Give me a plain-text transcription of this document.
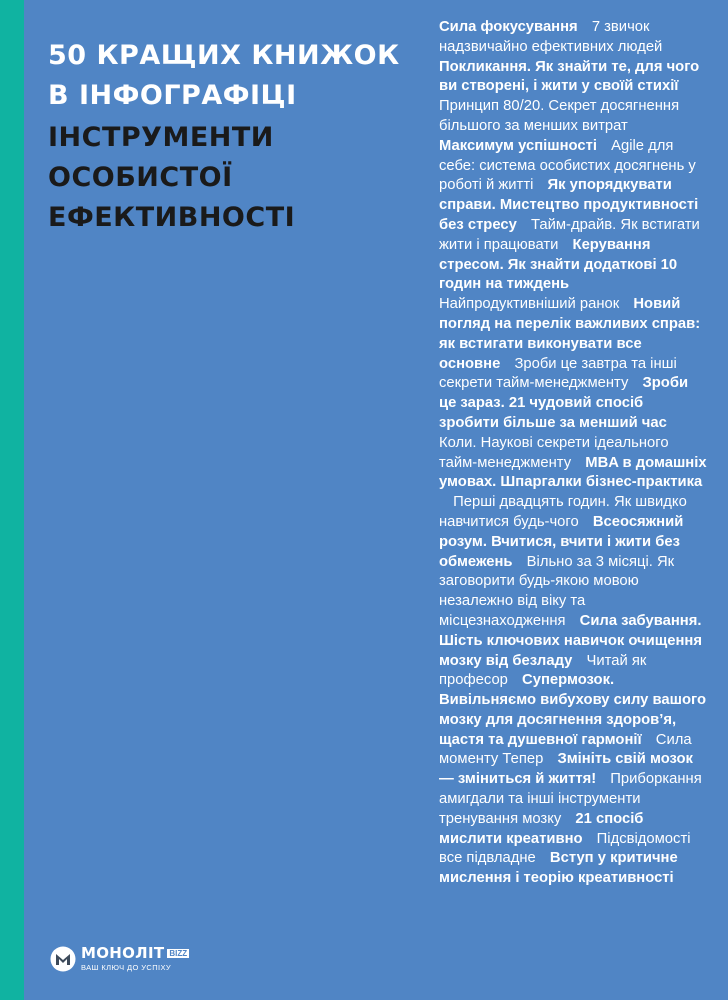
50 КРАЩИХ КНИЖОК
В ІНФОГРАФІЦІ
ІНСТРУМЕНТИ
ОСОБИСТОЇ
ЕФЕКТИВНОСТІ
Сила фокусування 7 звичок надзвичайно ефективних людей Покликання. Як знайти те, для чого ви створені, і жити у своїй стихії Принцип 80/20. Секрет досягнення більшого за менших витрат Максимум успішності Agile для себе: система особистих досягнень у роботі й житті Як упорядкувати справи. Мистецтво продуктивності без стресу Тайм-драйв. Як встигати жити і працювати Керування стресом. Як знайти додаткові 10 годин на тиждень Найпродуктивніший ранок Новий погляд на перелік важливих справ: як встигати виконувати все основне Зроби це завтра та інші секрети тайм-менеджменту Зроби це зараз. 21 чудовий спосіб зробити більше за менший час Коли. Наукові секрети ідеального тайм-менеджменту MBA в домашніх умовах. Шпаргалки бізнес-практика Перші двадцять годин. Як швидко навчитися будь-чого Всеосяжний розум. Вчитися, вчити і жити без обмежень Вільно за 3 місяці. Як заговорити будь-якою мовою незалежно від віку та місцезнаходження Сила забування. Шість ключових навичок очищення мозку від безладу Читай як професор Супермозок. Вивільняємо вибухову силу вашого мозку для досягнення здоров’я, щастя та душевної гармонії Сила моменту Тепер Змініть свій мозок — зміниться й життя! Приборкання амигдали та інші інструменти тренування мозку 21 спосіб мислити креативно Підсвідомості все підвладне Вступ у критичне мислення і теорію креативності
МОНОЛІТ BIZZ
ВАШ КЛЮЧ ДО УСПІХУ
